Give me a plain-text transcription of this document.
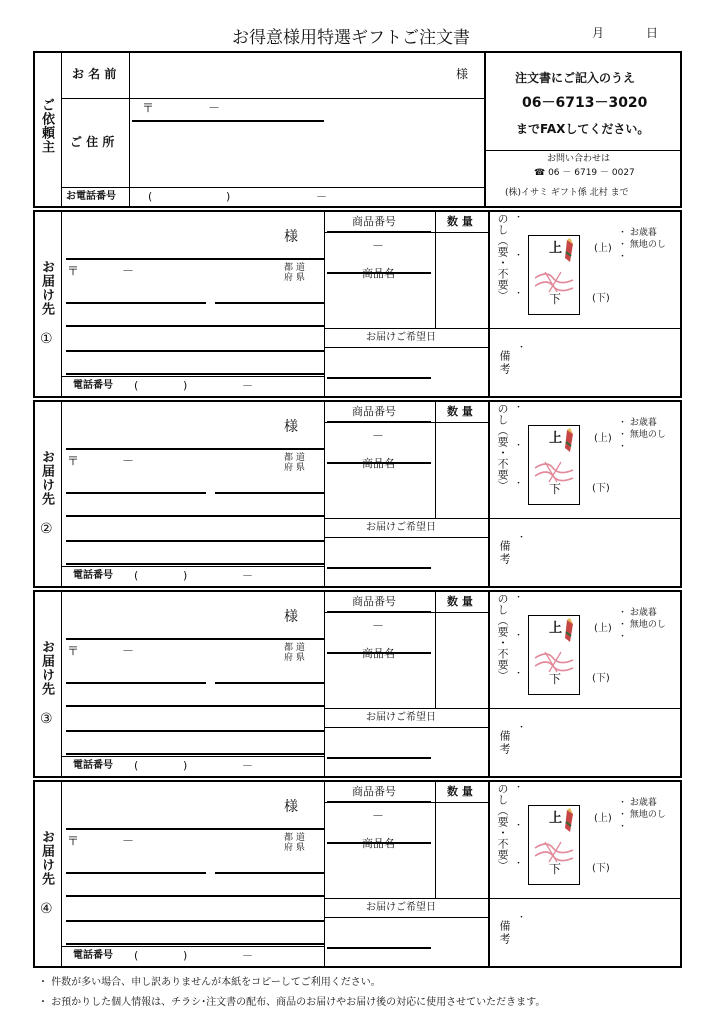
お得意様用特選ギフトご注文書	月	日
ご依頼主
お 名 前	様
ご 住 所
〒	－
お電話番号	(	)	－
注文書にご記入のうえ
06－6713－3020
までFAXしてください。
お問い合わせは
☎ 06 － 6719 － 0027
(株)イサミ ギフト係 北村 まで
お届け先
①
様
〒	－	都 道
府 県
電話番号 (	)	－
商品番号	数 量
－
商品名
お届けご希望日
のし（要・不要） ・
・
・
上
下
(上)
(下)
・ お歳暮
・ 無地のし
・
備考
・
お届け先
②
様
〒	－	都 道
府 県
電話番号 (	)	－
商品番号	数 量
－
商品名
お届けご希望日
のし（要・不要） ・
・
・
上
下
(上)
(下)
・ お歳暮
・ 無地のし
・
備考
・
お届け先
③
様
〒	－	都 道
府 県
電話番号 (	)	－
商品番号	数 量
－
商品名
お届けご希望日
のし（要・不要） ・
・
・
上
下
(上)
(下)
・ お歳暮
・ 無地のし
・
備考
・
お届け先
④
様
〒	－	都 道
府 県
電話番号 (	)	－
商品番号	数 量
－
商品名
お届けご希望日
のし（要・不要） ・
・
・
上
下
(上)
(下)
・ お歳暮
・ 無地のし
・
備考
・
・ 件数が多い場合、申し訳ありませんが本紙をコピーしてご利用ください。
・ お預かりした個人情報は、チラシ･注文書の配布、商品のお届けやお届け後の対応に使用させていただきます。
